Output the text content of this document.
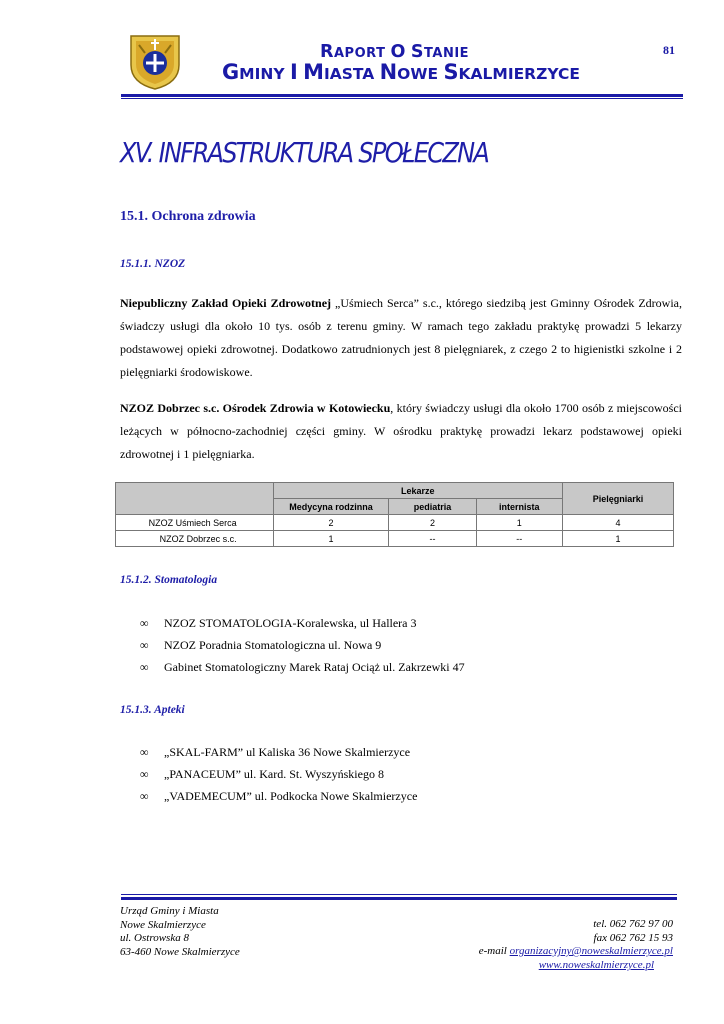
RAPORT O STANIE
GMINY I MIASTA NOWE SKALMIERZYCE
81
XV. INFRASTRUKTURA SPOŁECZNA
15.1. Ochrona zdrowia
15.1.1. NZOZ
Niepubliczny Zakład Opieki Zdrowotnej „Uśmiech Serca” s.c., którego siedzibą jest Gminny Ośrodek Zdrowia, świadczy usługi dla około 10 tys. osób z terenu gminy. W ramach tego zakładu praktykę prowadzi 5 lekarzy podstawowej opieki zdrowotnej. Dodatkowo zatrudnionych jest 8 pielęgniarek, z czego 2 to higienistki szkolne i 2 pielęgniarki środowiskowe.
NZOZ Dobrzec s.c. Ośrodek Zdrowia w Kotowiecku, który świadczy usługi dla około 1700 osób z miejscowości leżących w północno-zachodniej części gminy. W ośrodku praktykę prowadzi lekarz podstawowej opieki zdrowotnej i 1 pielęgniarka.
	Lekarze			Pielęgniarki
	Medycyna rodzinna	pediatria	internista	
NZOZ Uśmiech Serca	2	2	1	4
NZOZ Dobrzec s.c.	1	--	--	1
15.1.2. Stomatologia
∞ NZOZ STOMATOLOGIA-Koralewska, ul Hallera 3
∞ NZOZ Poradnia Stomatologiczna ul. Nowa 9
∞ Gabinet Stomatologiczny Marek Rataj Ociąż ul. Zakrzewki 47
15.1.3. Apteki
∞ „SKAL-FARM” ul Kaliska 36 Nowe Skalmierzyce
∞ „PANACEUM” ul. Kard. St. Wyszyńskiego 8
∞ „VADEMECUM” ul. Podkocka Nowe Skalmierzyce
Urząd Gminy i Miasta
Nowe Skalmierzyce
ul. Ostrowska 8
63-460 Nowe Skalmierzyce
tel. 062 762 97 00
fax 062 762 15 93
e-mail organizacyjny@noweskalmierzyce.pl
www.noweskalmierzyce.pl
